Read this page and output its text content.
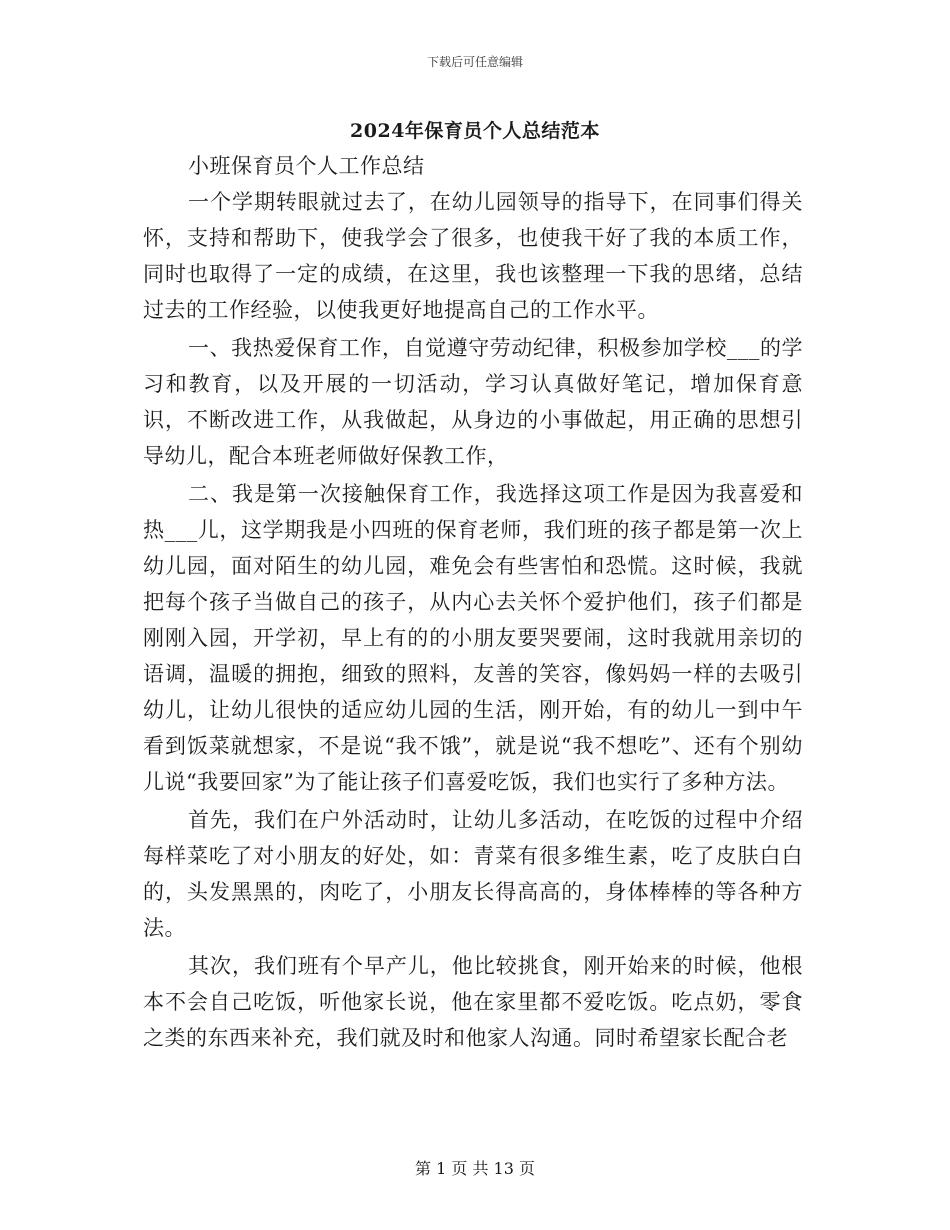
下载后可任意编辑
2024年保育员个人总结范本

小班保育员个人工作总结

一个学期转眼就过去了，在幼儿园领导的指导下，在同事们得关怀，支持和帮助下，使我学会了很多，也使我干好了我的本质工作，同时也取得了一定的成绩，在这里，我也该整理一下我的思绪，总结过去的工作经验，以使我更好地提高自己的工作水平。

一、我热爱保育工作，自觉遵守劳动纪律，积极参加学校___的学习和教育，以及开展的一切活动，学习认真做好笔记，增加保育意识，不断改进工作，从我做起，从身边的小事做起，用正确的思想引导幼儿，配合本班老师做好保教工作，

二、我是第一次接触保育工作，我选择这项工作是因为我喜爱和热___儿，这学期我是小四班的保育老师，我们班的孩子都是第一次上幼儿园，面对陌生的幼儿园，难免会有些害怕和恐慌。这时候，我就把每个孩子当做自己的孩子，从内心去关怀个爱护他们，孩子们都是刚刚入园，开学初，早上有的的小朋友要哭要闹，这时我就用亲切的语调，温暖的拥抱，细致的照料，友善的笑容，像妈妈一样的去吸引幼儿，让幼儿很快的适应幼儿园的生活，刚开始，有的幼儿一到中午看到饭菜就想家，不是说“我不饿”，就是说“我不想吃”、还有个别幼儿说“我要回家”为了能让孩子们喜爱吃饭，我们也实行了多种方法。

首先，我们在户外活动时，让幼儿多活动，在吃饭的过程中介绍每样菜吃了对小朋友的好处，如：青菜有很多维生素，吃了皮肤白白的，头发黑黑的，肉吃了，小朋友长得高高的，身体棒棒的等各种方法。

其次，我们班有个早产儿，他比较挑食，刚开始来的时候，他根本不会自己吃饭，听他家长说，他在家里都不爱吃饭。吃点奶，零食之类的东西来补充，我们就及时和他家人沟通。同时希望家长配合老

第 1 页 共 13 页
